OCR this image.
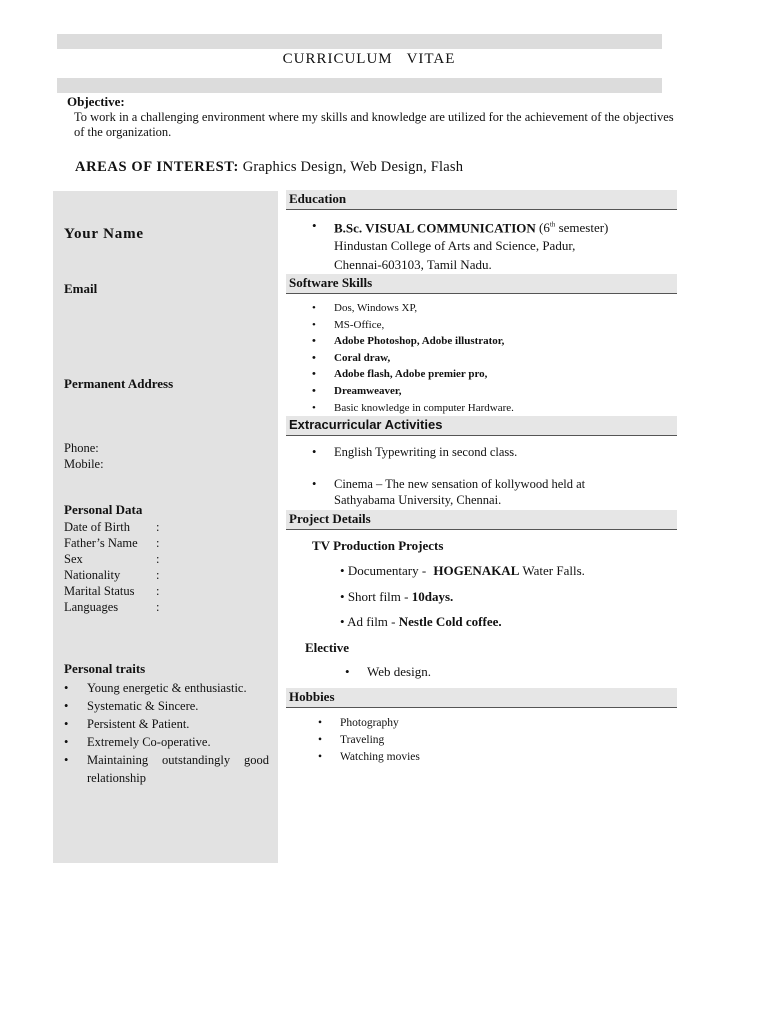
CURRICULUM   VITAE
Objective:
To work in a challenging environment where my skills and knowledge are utilized for the achievement of the objectives of the organization.
AREAS OF INTEREST: Graphics Design, Web Design, Flash
Your Name
Email
Permanent Address
Phone:
Mobile:
Personal Data
Date of Birth	:
Father’s Name	:
Sex	:
Nationality	:
Marital Status	:
Languages	:
Personal traits
• Young energetic & enthusiastic.
• Systematic & Sincere.
• Persistent & Patient.
• Extremely Co-operative.
• Maintaining outstandingly good relationship
Education
• B.Sc. VISUAL COMMUNICATION (6th semester)
Hindustan College of Arts and Science, Padur,
Chennai-603103, Tamil Nadu.
Software Skills
• Dos, Windows XP,
• MS-Office,
• Adobe Photoshop, Adobe illustrator,
• Coral draw,
• Adobe flash, Adobe premier pro,
• Dreamweaver,
• Basic knowledge in computer Hardware.
Extracurricular Activities
• English Typewriting in second class.
• Cinema – The new sensation of kollywood held at Sathyabama University, Chennai.
Project Details
TV Production Projects
• Documentary - HOGENAKAL Water Falls.
• Short film - 10days.
• Ad film - Nestle Cold coffee.
Elective
• Web design.
Hobbies
• Photography
• Traveling
• Watching movies
